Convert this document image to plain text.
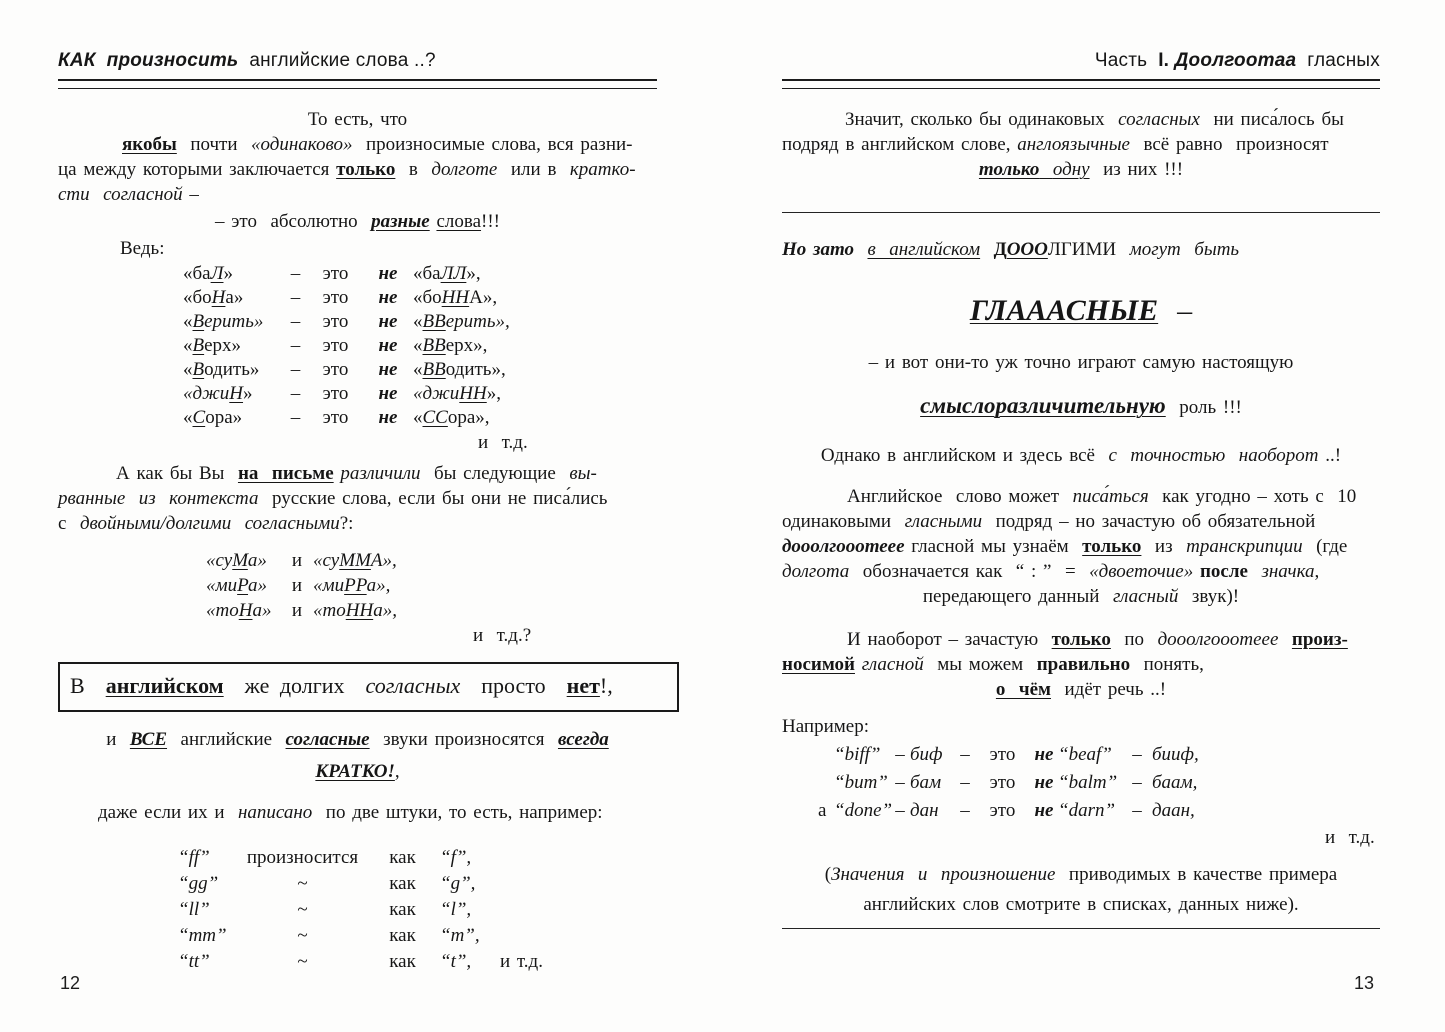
КАК  произносить  английские слова ..?
То есть, что
якобы  почти  «одинаково»  произносимые слова, вся разни-
ца между которыми заключается только  в  долготе  или в  кратко-
сти  согласной –
– это  абсолютно  разные слова!!!
Ведь:
«баЛ»	–	это	не «баЛЛ»,
«боНа»	–	это	не «боННА»,
«Верить»	–	это	не «ВВерить»,
«Верх»	–	это	не «ВВерх»,
«Водить»	–	это	не «ВВодить»,
«джиН»	–	это	не «джиНН»,
«Сора»	–	это	не «ССора»,
и  т.д.
А как бы Вы  на  письме различили  бы следующие  вы-
рванные  из  контекста  русские слова, если бы они не писа́лись
с  двойными/долгими  согласными?:
«суМа»	и «суММА»,
«миРа»	и «миРРа»,
«тоНа»	и «тоННа»,
и  т.д.?
В  английском  же долгих  согласных  просто  нет!,
и  ВСЕ  английские  согласные  звуки произносятся  всегда
КРАТКО!,
даже если их и  написано  по две штуки, то есть, например:
“ff”	произносится	как	“f”,
“gg”	~	как	“g”,
“ll”	~	как	“l”,
“mm”	~	как	“m”,
“tt”	~	как	“t”,	и т.д.
12
Часть  I. Доолгоотаа  гласных
Значит, сколько бы одинаковых  согласных  ни писа́лось бы
подряд в английском слове, англоязычные  всё равно  произносят
только одну  из них !!!
Но зато в  английском ДОООЛГИМИ  могут  быть
ГЛАААСНЫЕ  –
– и вот они-то уж точно играют самую настоящую
смыслоразличительную  роль !!!
Однако в английском и здесь всё  с  точностью  наоборот ..!
Английское  слово может  писа́ться  как угодно – хоть с  10
одинаковыми  гласными  подряд – но зачастую об обязательной
дооолгооотеее гласной мы узнаём  только  из  транскрипции  (где
долгота  обозначается как  “ : ”  =  «двоеточие» после значка,
передающего данный  гласный  звук)!
И наоборот – зачастую  только  по  дооолгооотеее произ-
носимой гласной  мы можем  правильно  понять,
о  чём  идёт речь ..!
Например:
“biff” – биф –	это	не “beaf”	– бииф,
“bum” – бам	–	это	не “balm” – баам,
а “done” – дан	–	это	не “darn” – даан,
и  т.д.
(Значения  и  произношение  приводимых в качестве примера
английских слов смотрите в списках, данных ниже).
13
